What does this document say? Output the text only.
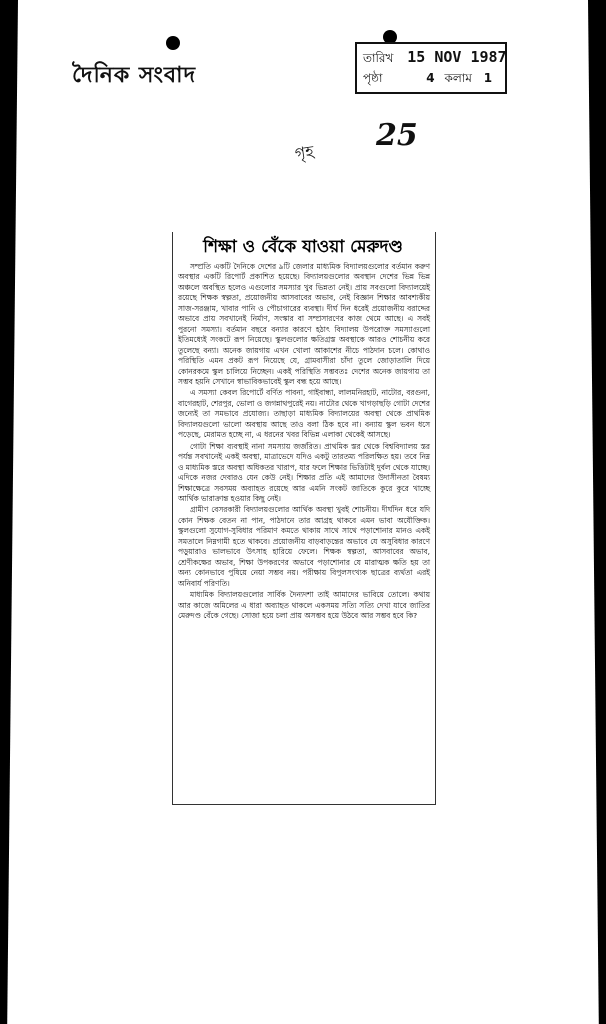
দৈনিক সংবাদ
তারিখ 15 NOV 1987
পৃষ্ঠা	4 কলাম 1
গৃহ 25
শিক্ষা ও বেঁকে যাওয়া মেরুদণ্ড

সম্প্রতি একটি দৈনিকে দেশের ৯টি জেলার মাধ্যমিক বিদ্যালয়গুলোর বর্তমান করুণ অবস্থার একটি রিপোর্ট প্রকাশিত হয়েছে। বিদ্যালয়গুলোর অবস্থান দেশের ভিন্ন ভিন্ন অঞ্চলে অবস্থিত হলেও এগুলোর সমস্যার খুব ভিন্নতা নেই। প্রায় সবগুলো বিদ্যালয়েই রয়েছে শিক্ষক স্বল্পতা, প্রয়োজনীয় আসবাবের অভাব, নেই বিজ্ঞান শিক্ষার আবশ্যকীয় সাজ-সরঞ্জাম, খাবার পানি ও পৌচাগারের ব্যবস্থা। দীর্ঘ দিন ধরেই প্রয়োজনীয় বরাদ্দের অভাবে প্রায় সবখানেই নির্মাণ, সংস্কার বা সম্প্রসারণের কাজ থেমে আছে। এ সবই পুরনো সমস্যা। বর্তমান বছরে বন্যার কারণে হঠাৎ বিদ্যালয় উপরোক্ত সমস্যাগুলো ইতিমধ্যেই সংকটে রূপ নিয়েছে। স্কুলগুলোর ক্ষতিগ্রস্ত অবস্থাকে আরও শোচনীয় করে তুলেছে বন্যা। অনেক জায়গায় এখন খোলা আকাশের নীচে পাঠদান চলে। কোথাও পরিস্থিতি এমন প্রকট রূপ নিয়েছে যে, গ্রামবাসীরা চাঁদা তুলে জোড়াতালি দিয়ে কোনরকমে স্কুল চালিয়ে নিচ্ছেন। একই পরিস্থিতি সম্ভবতঃ দেশের অনেক জায়গায় তা সম্ভব হয়নি সেখানে স্বাভাবিকভাবেই স্কুল বন্ধ হয়ে আছে।

এ সমস্যা কেবল রিপোর্টে বর্ণিত পাবনা, গাইবান্ধা, লালমনিরহাট, নাটোর, বরগুনা, বাগেরহাট, শেরপুর, ভোলা ও জগন্নাথপুরেই নয়। নাটোর থেকে খাগড়াছড়ি গোটা দেশের জন্যেই তা সমভাবে প্রযোজ্য। তাছাড়া মাধ্যমিক বিদ্যালয়ের অবস্থা থেকে প্রাথমিক বিদ্যালয়গুলো ভালো অবস্থায় আছে তাও বলা ঠিক হবে না। বন্যায় স্কুল ভবন ধসে পড়েছে, মেরামত হচ্ছে না, এ ধরনের খবর বিভিন্ন এলাকা থেকেই আসছে।

গোটা শিক্ষা ব্যবস্থাই নানা সমস্যায় জর্জরিত। প্রাথমিক স্তর থেকে বিশ্ববিদ্যালয় স্তর পর্যন্ত সবখানেই একই অবস্থা, মাত্রাভেদে যদিও একটু তারতম্য পরিলক্ষিত হয়। তবে নিম্ন ও মাধ্যমিক স্তরে অবস্থা অধিকতর খারাপ, যার ফলে শিক্ষার ভিত্তিটাই দুর্বল থেকে যাচ্ছে। এদিকে নজর দেবারও যেন কেউ নেই। শিক্ষার প্রতি এই আমাদের উদাসীনতা বৈষম্য শিক্ষাক্ষেত্রে সবসময় অব্যাহত রয়েছে আর এমনি সংকট জাতিকে কুরে কুরে খাচ্ছে আর্থিক ভারাক্রান্ত হওয়ার কিছু নেই।

গ্রামীণ বেসরকারী বিদ্যালয়গুলোর আর্থিক অবস্থা খুবই শোচনীয়। দীর্ঘদিন ধরে যদি কোন শিক্ষক বেতন না পান, পাঠদানে তার আগ্রহ থাকবে এমন ভাবা অযৌক্তিক। স্কুলগুলো সুযোগ-সুবিধার পরিমাণ কমতে থাকায় সাথে সাথে পড়াশোনার মানও একই সমতালে নিম্নগামী হতে থাকবে। প্রয়োজনীয় বাড়বাড়ন্তের অভাবে যে অসুবিধার কারণে পড়ুয়ারাও ভালভাবে উৎসাহ হারিয়ে ফেলে। শিক্ষক স্বল্পতা, আসবাবের অভাব, শ্রেণীকক্ষের অভাব, শিক্ষা উপকরণের অভাবে পড়াশোনার যে মারাত্মক ক্ষতি হয় তা অন্য কোনভাবে পুষিয়ে নেয়া সম্ভব নয়। পরীক্ষায় বিপুলসংখ্যক ছাত্রের ব্যর্থতা এরই অনিবার্য পরিণতি।

মাধ্যমিক বিদ্যালয়গুলোর সার্বিক দৈন্যদশা তাই আমাদের ভাবিয়ে তোলে। কথায় আর কাজে অমিলের এ ধারা অব্যাহত থাকলে একসময় সত্যি সত্যি দেখা যাবে জাতির মেরুদণ্ড বেঁকে গেছে। সোজা হয়ে চলা প্রায় অসম্ভব হয়ে উঠবে আর সম্ভব হবে কি?
